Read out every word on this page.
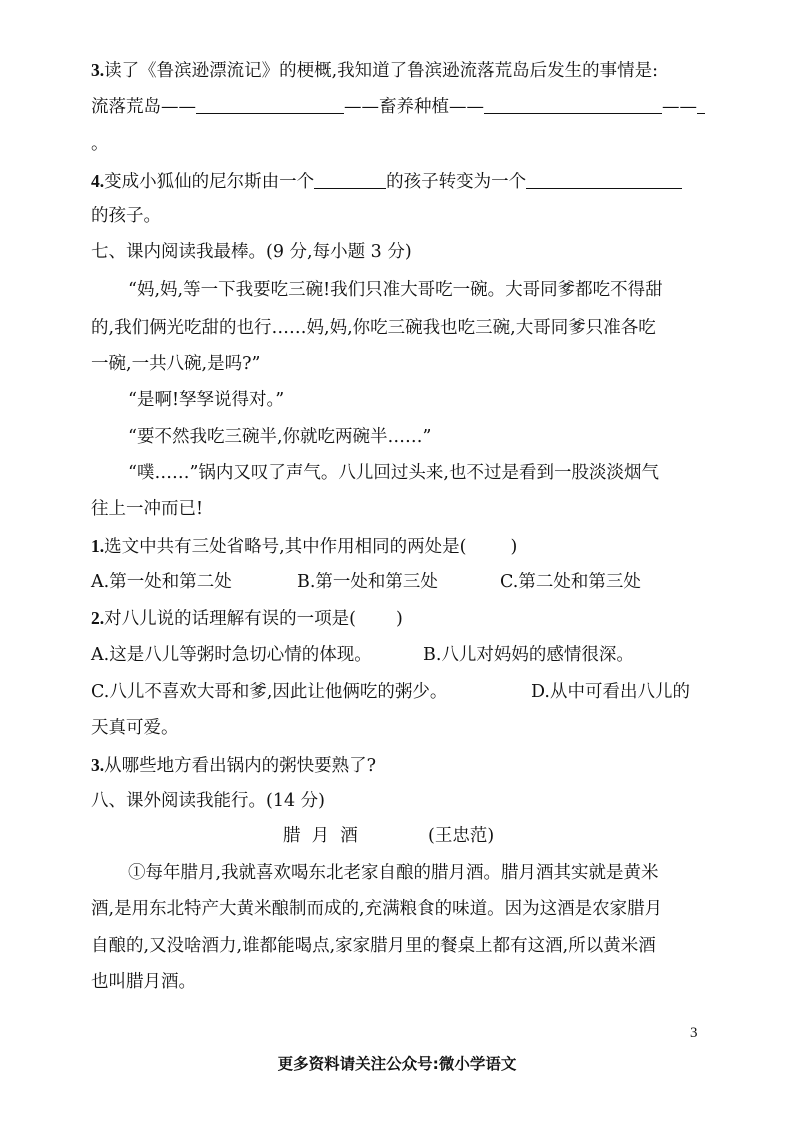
3.读了《鲁滨逊漂流记》的梗概,我知道了鲁滨逊流落荒岛后发生的事情是:
流落荒岛——	——畜养种植——	——
。
4.变成小狐仙的尼尔斯由一个	的孩子转变为一个
的孩子。
七、课内阅读我最棒。(9 分,每小题 3 分)
“妈,妈,等一下我要吃三碗!我们只准大哥吃一碗。大哥同爹都吃不得甜
的,我们俩光吃甜的也行……妈,妈,你吃三碗我也吃三碗,大哥同爹只准各吃
一碗,一共八碗,是吗?”
“是啊!孥孥说得对。”
“要不然我吃三碗半,你就吃两碗半……”
“噗……”锅内又叹了声气。八儿回过头来,也不过是看到一股淡淡烟气
往上一冲而已!
1.选文中共有三处省略号,其中作用相同的两处是(	)
A.第一处和第二处	B.第一处和第三处	C.第二处和第三处
2.对八儿说的话理解有误的一项是( )
A.这是八儿等粥时急切心情的体现。	B.八儿对妈妈的感情很深。
C.八儿不喜欢大哥和爹,因此让他俩吃的粥少。	D.从中可看出八儿的
天真可爱。
3.从哪些地方看出锅内的粥快要熟了?
八、课外阅读我能行。(14 分)
腊  月  酒	(王忠范)
①每年腊月,我就喜欢喝东北老家自酿的腊月酒。腊月酒其实就是黄米
酒,是用东北特产大黄米酿制而成的,充满粮食的味道。因为这酒是农家腊月
自酿的,又没啥酒力,谁都能喝点,家家腊月里的餐桌上都有这酒,所以黄米酒
也叫腊月酒。
3
更多资料请关注公众号:微小学语文
